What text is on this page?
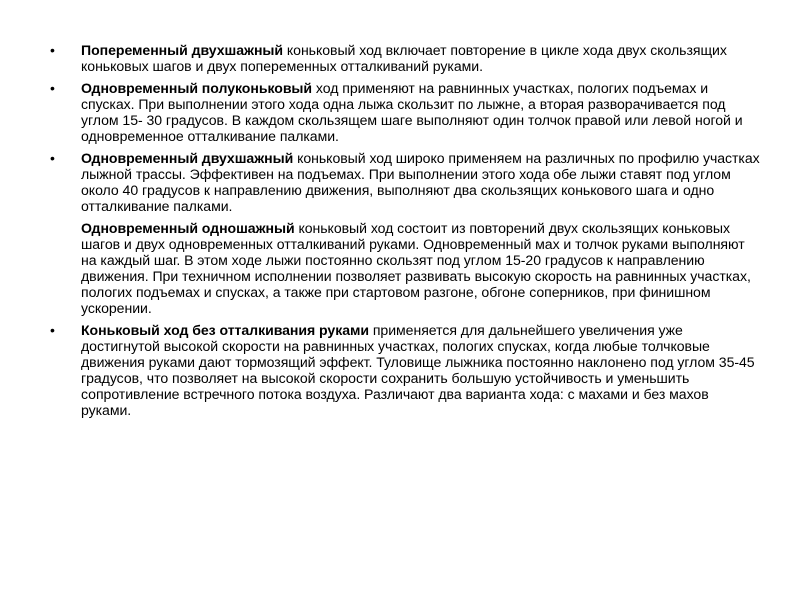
•	Попеременный двухшажный коньковый ход включает повторение в цикле хода двух скользящих коньковых шагов и двух попеременных отталкиваний руками.
•	Одновременный полуконьковый ход применяют на равнинных участках, пологих подъемах и спусках. При выполнении этого хода одна лыжа скользит по лыжне, а вторая разворачивается под углом 15- 30 градусов. В каждом скользящем шаге выполняют один толчок правой или левой ногой и одновременное отталкивание палками.
•	Одновременный двухшажный коньковый ход широко применяем на различных по профилю участках лыжной трассы. Эффективен на подъемах. При выполнении этого хода обе лыжи ставят под углом около 40 градусов к направлению движения, выполняют два скользящих конькового шага и одно отталкивание палками.
Одновременный одношажный коньковый ход состоит из повторений двух скользящих коньковых шагов и двух одновременных отталкиваний руками. Одновременный мах и толчок руками выполняют на каждый шаг. В этом ходе лыжи постоянно скользят под углом 15-20 градусов к направлению движения. При техничном исполнении позволяет развивать высокую скорость на равнинных участках, пологих подъемах и спусках, а также при стартовом разгоне, обгоне соперников, при финишном ускорении.
•	Коньковый ход без отталкивания руками применяется для дальнейшего увеличения уже достигнутой высокой скорости на равнинных участках, пологих спусках, когда любые толчковые движения руками дают тормозящий эффект. Туловище лыжника постоянно наклонено под углом 35-45 градусов, что позволяет на высокой скорости сохранить большую устойчивость и уменьшить сопротивление встречного потока воздуха. Различают два варианта хода: с махами и без махов руками.
